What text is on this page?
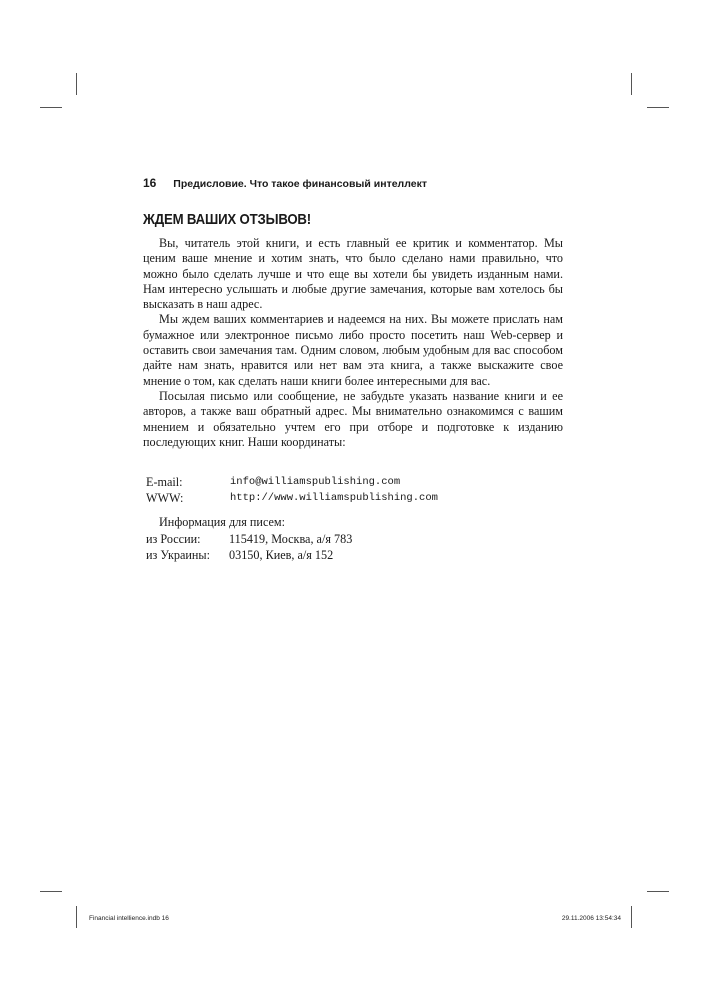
16 Предисловие. Что такое финансовый интеллект
ЖДЕМ ВАШИХ ОТЗЫВОВ!

Вы, читатель этой книги, и есть главный ее критик и комментатор. Мы ценим ваше мнение и хотим знать, что было сделано нами правильно, что можно было сделать лучше и что еще вы хотели бы увидеть изданным нами. Нам интересно услышать и любые другие замечания, которые вам хотелось бы высказать в наш адрес.

Мы ждем ваших комментариев и надеемся на них. Вы можете прислать нам бумажное или электронное письмо либо просто посетить наш Web-сервер и оставить свои замечания там. Одним словом, любым удобным для вас способом дайте нам знать, нравится или нет вам эта книга, а также выскажите свое мнение о том, как сделать наши книги более интересными для вас.

Посылая письмо или сообщение, не забудьте указать название книги и ее авторов, а также ваш обратный адрес. Мы внимательно ознакомимся с вашим мнением и обязательно учтем его при отборе и подготовке к изданию последующих книг. Наши координаты:

E-mail:	info@williamspublishing.com
WWW:	http://www.williamspublishing.com
Информация для писем:
из России:	115419, Москва, а/я 783
из Украины:	03150, Киев, а/я 152
Financial intellience.indb 16	29.11.2006 13:54:34
